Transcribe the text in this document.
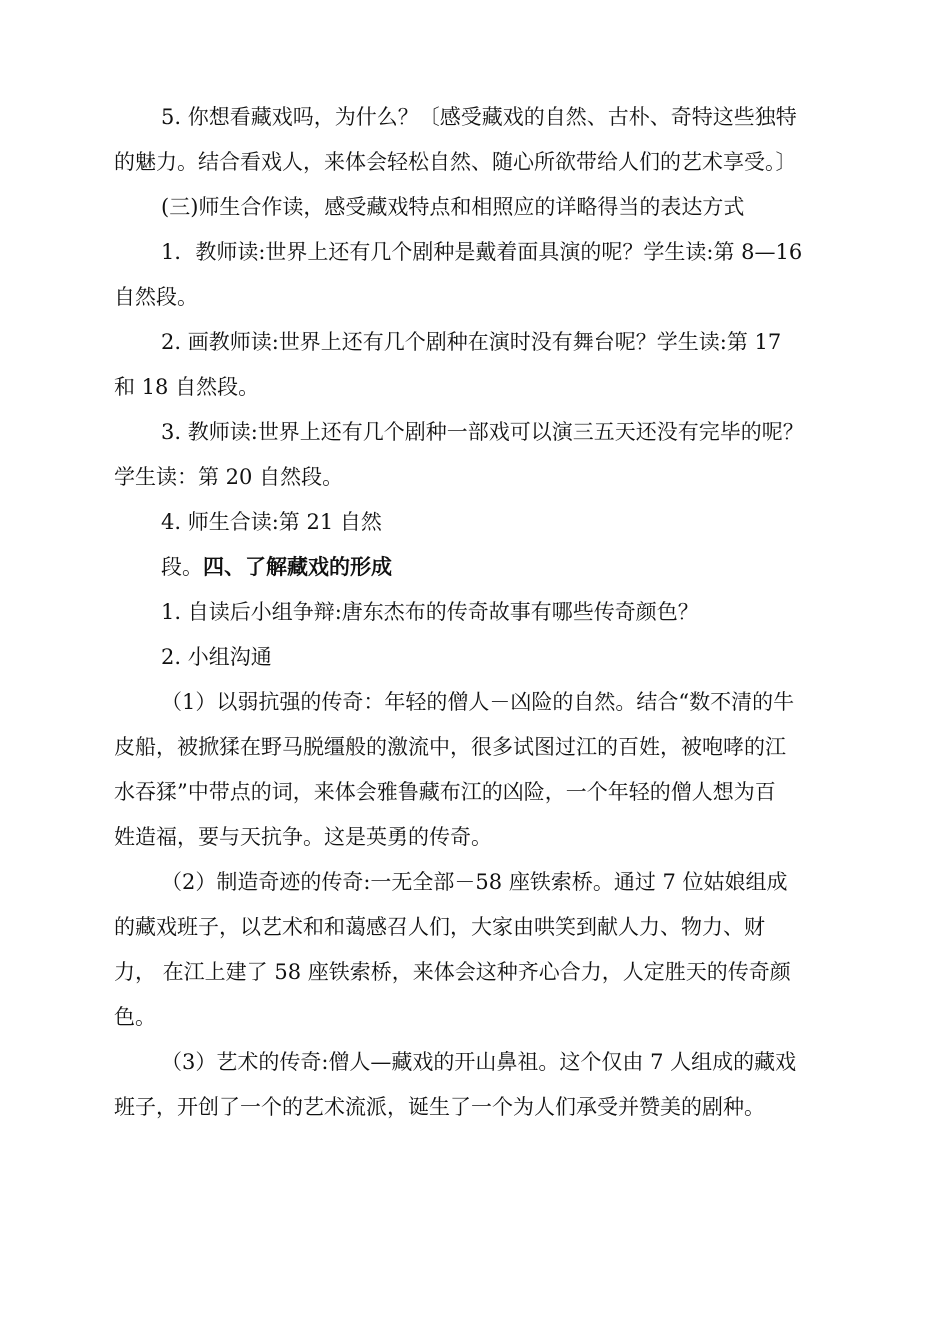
5. 你想看藏戏吗，为什么？〔感受藏戏的自然、古朴、奇特这些独特
的魅力。结合看戏人，来体会轻松自然、随心所欲带给人们的艺术享受。〕
(三)师生合作读，感受藏戏特点和相照应的详略得当的表达方式
1．教师读:世界上还有几个剧种是戴着面具演的呢？学生读:第 8—16
自然段。
2. 画教师读:世界上还有几个剧种在演时没有舞台呢？学生读:第 17
和 18 自然段。
3. 教师读:世界上还有几个剧种一部戏可以演三五天还没有完毕的呢？
学生读：第 20 自然段。
4. 师生合读:第 21 自然
段。四、了解藏戏的形成
1. 自读后小组争辩:唐东杰布的传奇故事有哪些传奇颜色？
2. 小组沟通
（1）以弱抗强的传奇：年轻的僧人－凶险的自然。结合“数不清的牛
皮船，被掀猱在野马脱缰般的激流中，很多试图过江的百姓，被咆哮的江
水吞猱”中带点的词，来体会雅鲁藏布江的凶险，一个年轻的僧人想为百
姓造福，要与天抗争。这是英勇的传奇。
（2）制造奇迹的传奇:一无全部－58 座铁索桥。通过 7 位姑娘组成
的藏戏班子，以艺术和和蔼感召人们，大家由哄笑到献人力、物力、财
力， 在江上建了 58 座铁索桥，来体会这种齐心合力，人定胜天的传奇颜
色。
（3）艺术的传奇:僧人—藏戏的开山鼻祖。这个仅由 7 人组成的藏戏
班子，开创了一个的艺术流派，诞生了一个为人们承受并赞美的剧种。
